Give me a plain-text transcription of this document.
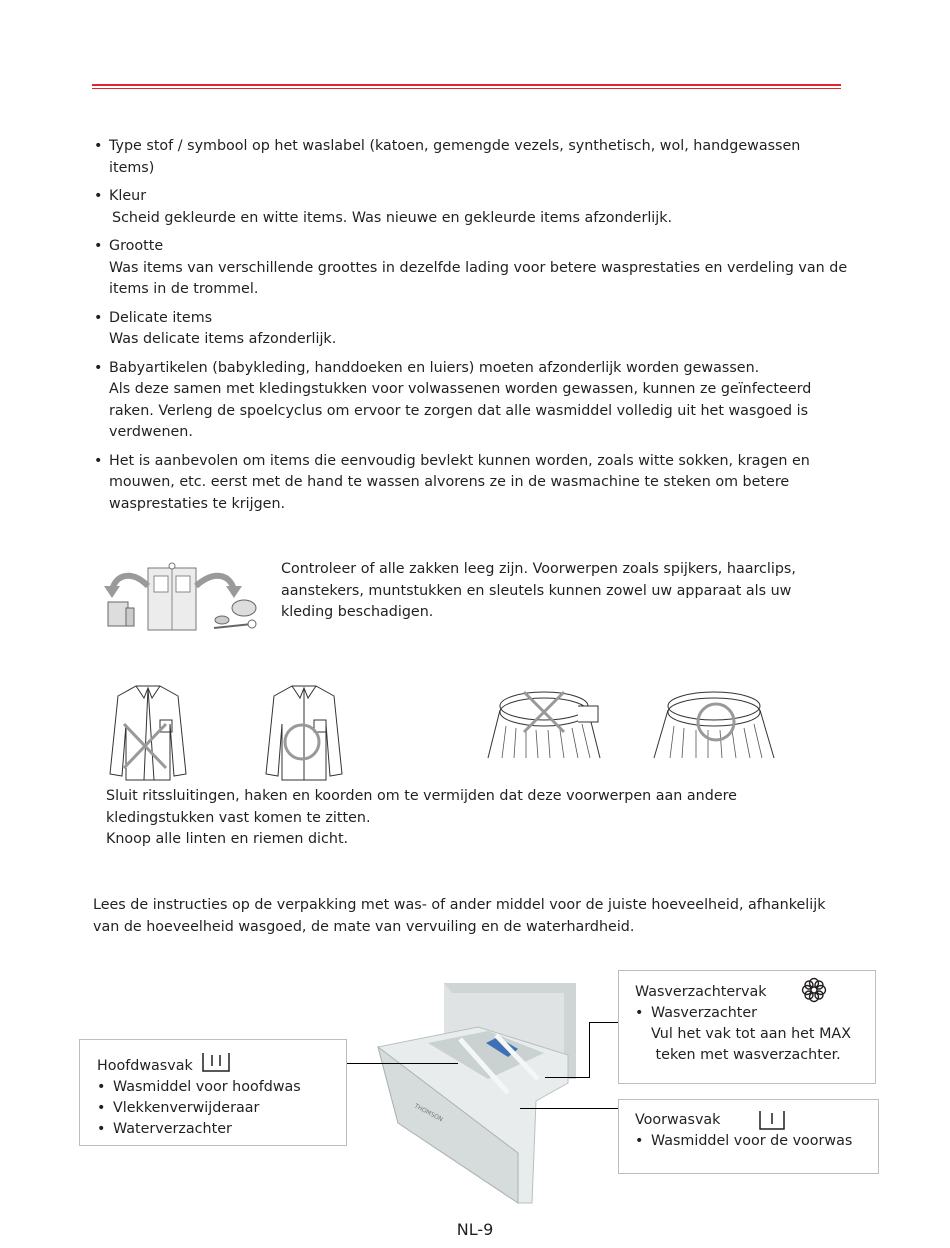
• Type stof / symbool op het waslabel (katoen, gemengde vezels, synthetisch, wol, handgewassen
items)
• Kleur
Scheid gekleurde en witte items. Was nieuwe en gekleurde items afzonderlijk.
• Grootte
Was items van verschillende groottes in dezelfde lading voor betere wasprestaties en verdeling van de
items in de trommel.
• Delicate items
Was delicate items afzonderlijk.
• Babyartikelen (babykleding, handdoeken en luiers) moeten afzonderlijk worden gewassen.
Als deze samen met kledingstukken voor volwassenen worden gewassen, kunnen ze geïnfecteerd
raken. Verleng de spoelcyclus om ervoor te zorgen dat alle wasmiddel volledig uit het wasgoed is
verdwenen.
• Het is aanbevolen om items die eenvoudig bevlekt kunnen worden, zoals witte sokken, kragen en
mouwen, etc. eerst met de hand te wassen alvorens ze in de wasmachine te steken om betere
wasprestaties te krijgen.
Controleer of alle zakken leeg zijn. Voorwerpen zoals spijkers, haarclips,
aanstekers, muntstukken en sleutels kunnen zowel uw apparaat als uw
kleding beschadigen.
Sluit ritssluitingen, haken en koorden om te vermijden dat deze voorwerpen aan andere
kledingstukken vast komen te zitten.
Knoop alle linten en riemen dicht.
Lees de instructies op de verpakking met was- of ander middel voor de juiste hoeveelheid, afhankelijk
van de hoeveelheid wasgoed, de mate van vervuiling en de waterhardheid.
THOMSON
Hoofdwasvak
• Wasmiddel voor hoofdwas
• Vlekkenverwijderaar
• Waterverzachter
Wasverzachtervak
• Wasverzachter
Vul het vak tot aan het MAX
teken met wasverzachter.
Voorwasvak
• Wasmiddel voor de voorwas
NL-9
